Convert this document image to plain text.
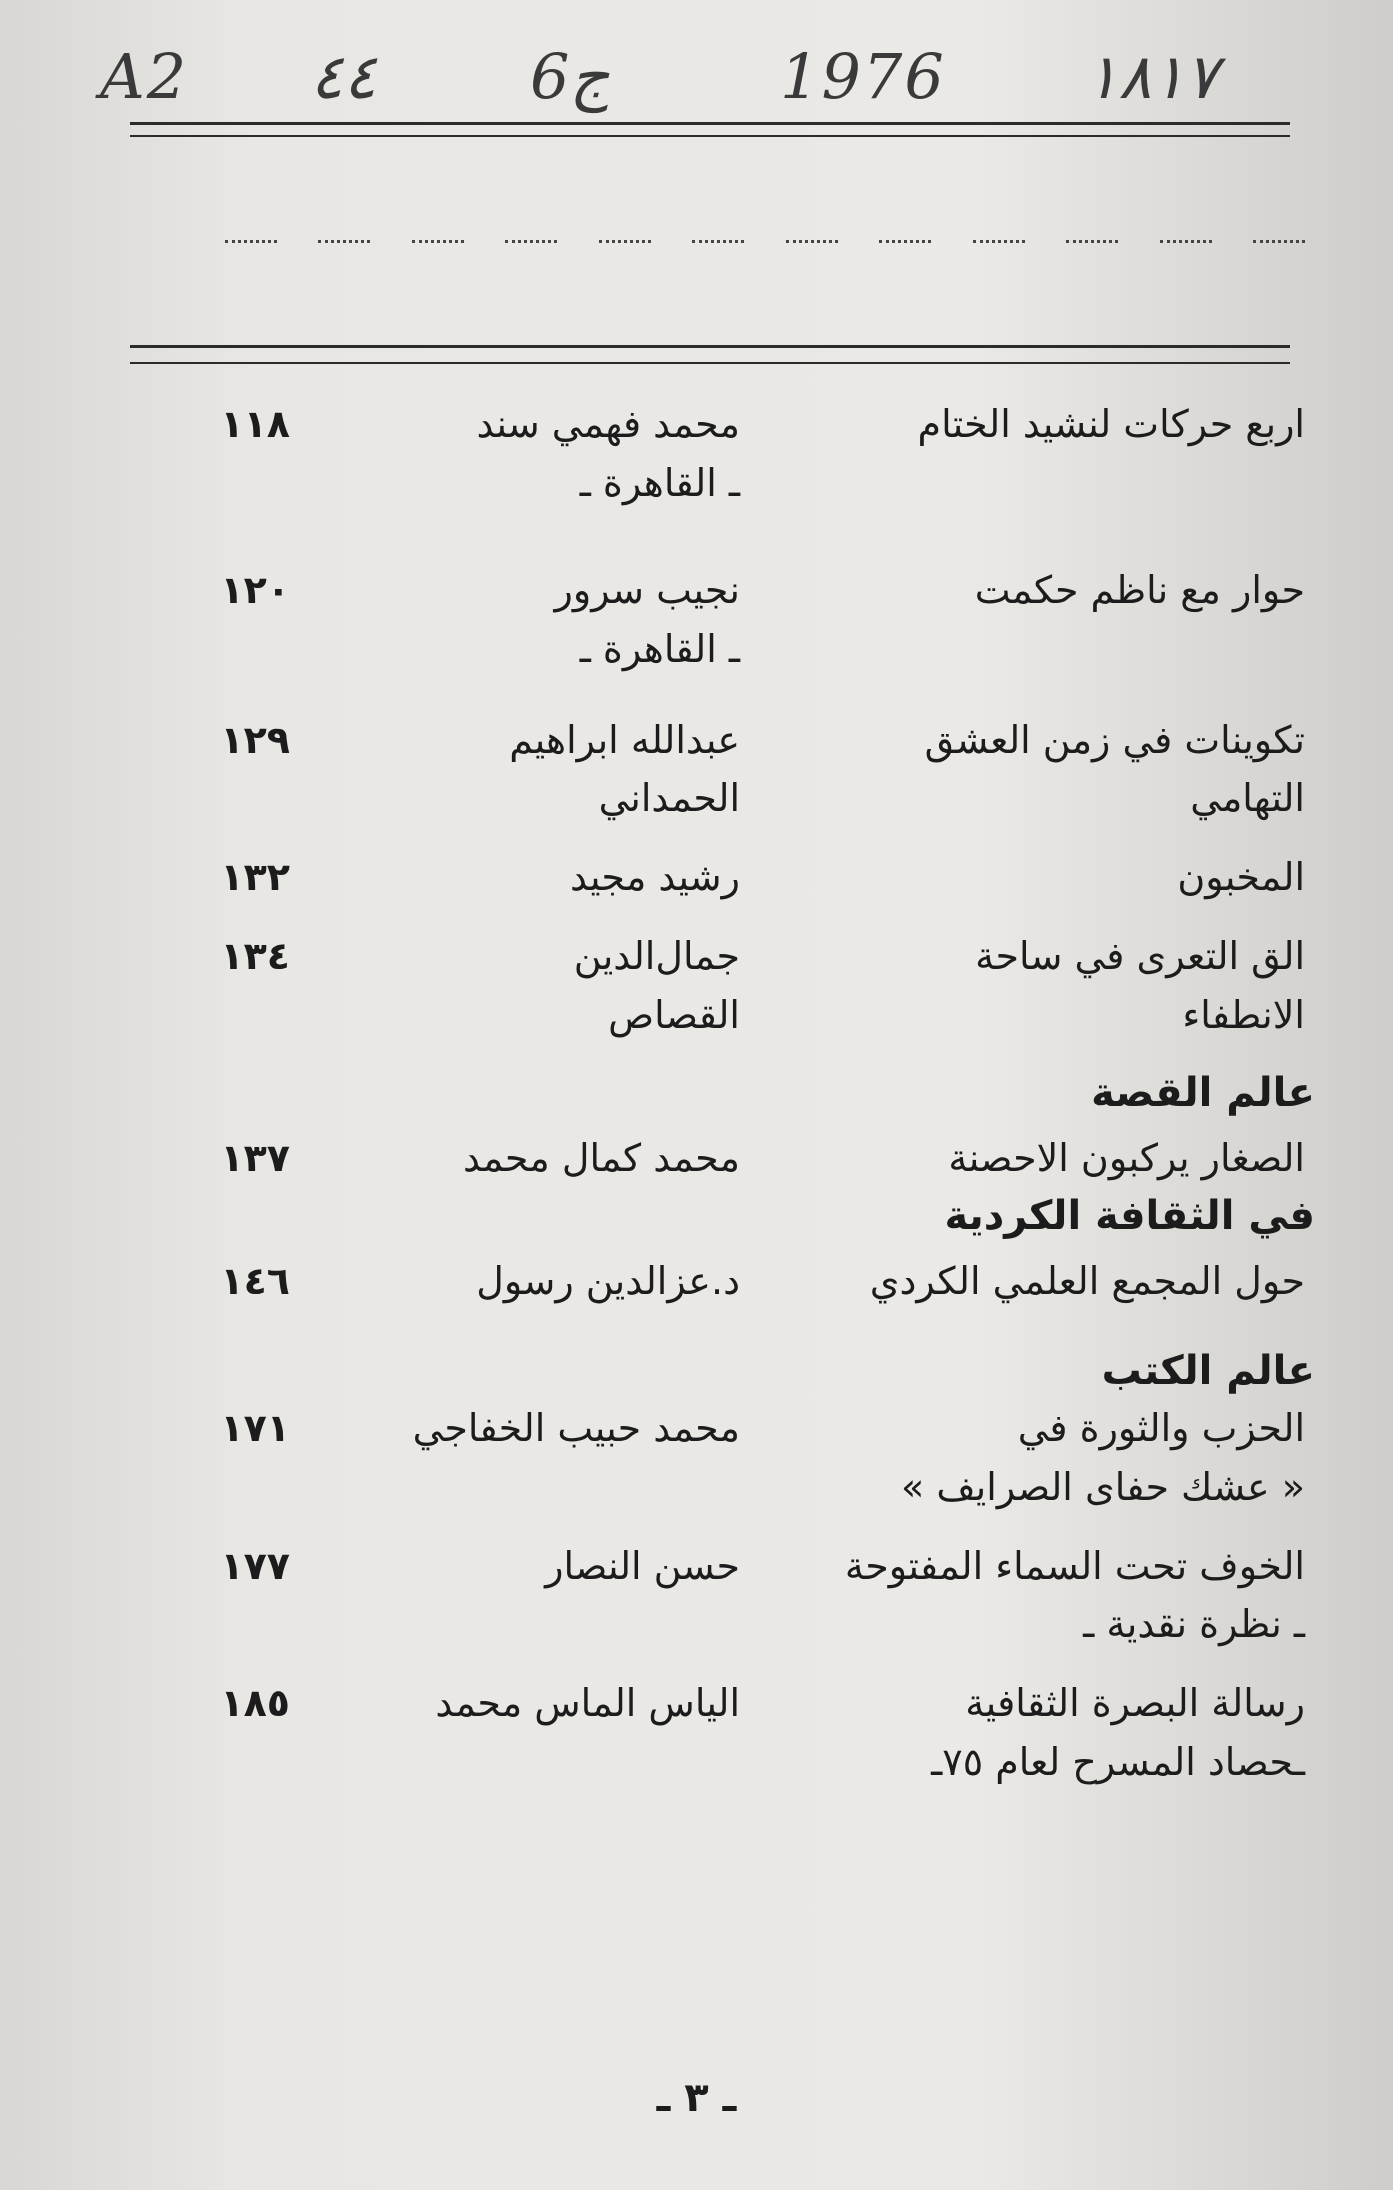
A2 ٤٤ 6ج	1976 ١٨١٧
اربع حركات لنشيد الختام
محمد فهمي سند
ـ القاهرة ـ
١١٨
حوار مع ناظم حكمت
نجيب سرور
ـ القاهرة ـ
١٢٠
تكوينات في زمن العشق
التهامي
عبدالله ابراهيم
الحمداني
١٢٩
المخبون
رشيد مجيد
١٣٢
الق التعرى في ساحة
الانطفاء
جمال‌الدين
القصاص
١٣٤
عالم القصة
الصغار يركبون الاحصنة
محمد كمال محمد
١٣٧
في الثقافة الكردية
حول المجمع العلمي الكردي
د.عزالدين رسول
١٤٦
عالم الكتب
الحزب والثورة في
« عشك حفاى الصرايف »
محمد حبيب الخفاجي
١٧١
الخوف تحت السماء المفتوحة
ـ نظرة نقدية ـ
حسن النصار
١٧٧
رسالة البصرة الثقافية
ـحصاد المسرح لعام ٧٥ـ
الياس الماس محمد
١٨٥
ـ ٣ ـ
